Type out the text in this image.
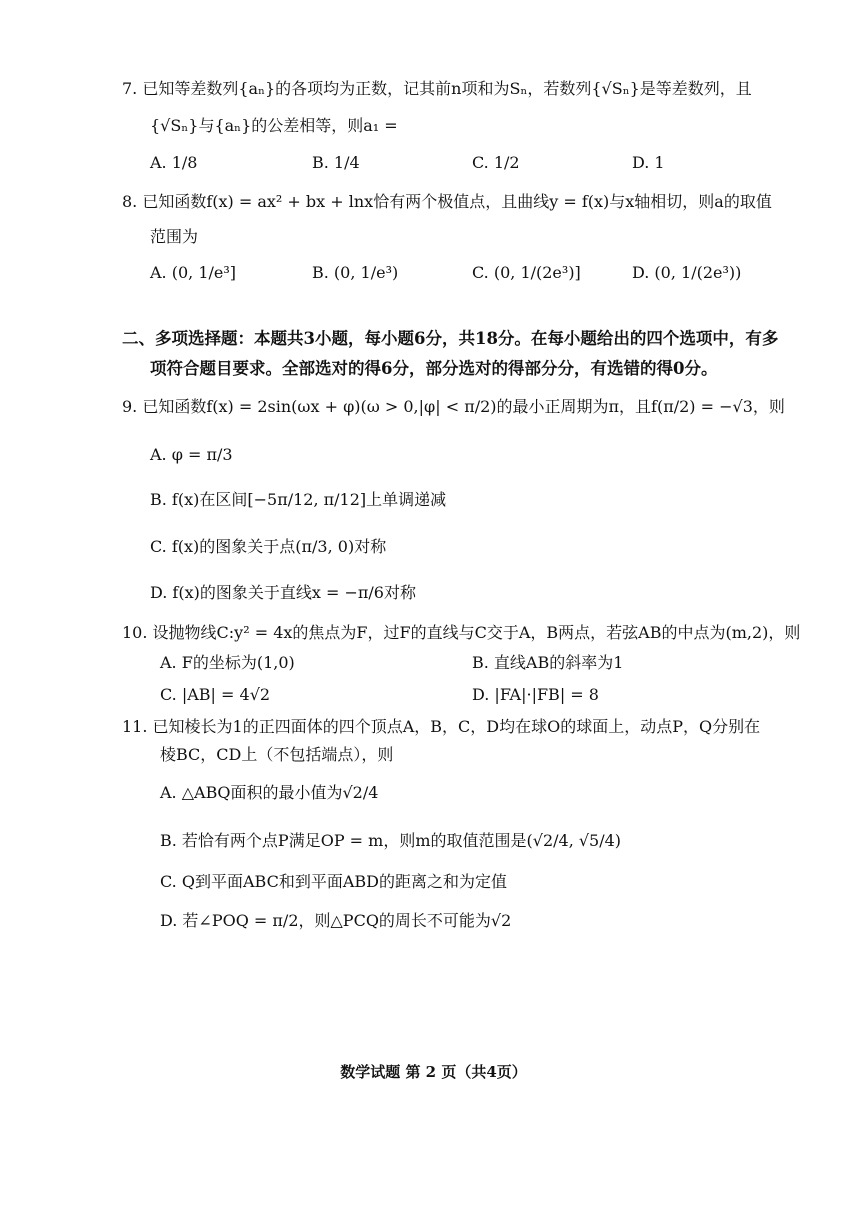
7. 已知等差数列{aₙ}的各项均为正数，记其前n项和为Sₙ，若数列{√Sₙ}是等差数列，且
{√Sₙ}与{aₙ}的公差相等，则a₁ =
A. 1/8	B. 1/4	C. 1/2	D. 1
8. 已知函数f(x) = ax² + bx + lnx恰有两个极值点，且曲线y = f(x)与x轴相切，则a的取值
范围为
A. (0, 1/e³]	B. (0, 1/e³)	C. (0, 1/(2e³)]	D. (0, 1/(2e³))
二、多项选择题：本题共3小题，每小题6分，共18分。在每小题给出的四个选项中，有多
项符合题目要求。全部选对的得6分，部分选对的得部分分，有选错的得0分。
9. 已知函数f(x) = 2sin(ωx + φ)(ω > 0,|φ| < π/2)的最小正周期为π，且f(π/2) = −√3，则
A. φ = π/3
B. f(x)在区间[−5π/12, π/12]上单调递减
C. f(x)的图象关于点(π/3, 0)对称
D. f(x)的图象关于直线x = −π/6对称
10. 设抛物线C:y² = 4x的焦点为F，过F的直线与C交于A，B两点，若弦AB的中点为(m,2)，则
A. F的坐标为(1,0)	B. 直线AB的斜率为1
C. |AB| = 4√2	D. |FA|·|FB| = 8
11. 已知棱长为1的正四面体的四个顶点A，B，C，D均在球O的球面上，动点P，Q分别在
棱BC，CD上（不包括端点），则
A. △ABQ面积的最小值为√2/4
B. 若恰有两个点P满足OP = m，则m的取值范围是(√2/4, √5/4)
C. Q到平面ABC和到平面ABD的距离之和为定值
D. 若∠POQ = π/2，则△PCQ的周长不可能为√2
数学试题 第 2 页（共4页）
